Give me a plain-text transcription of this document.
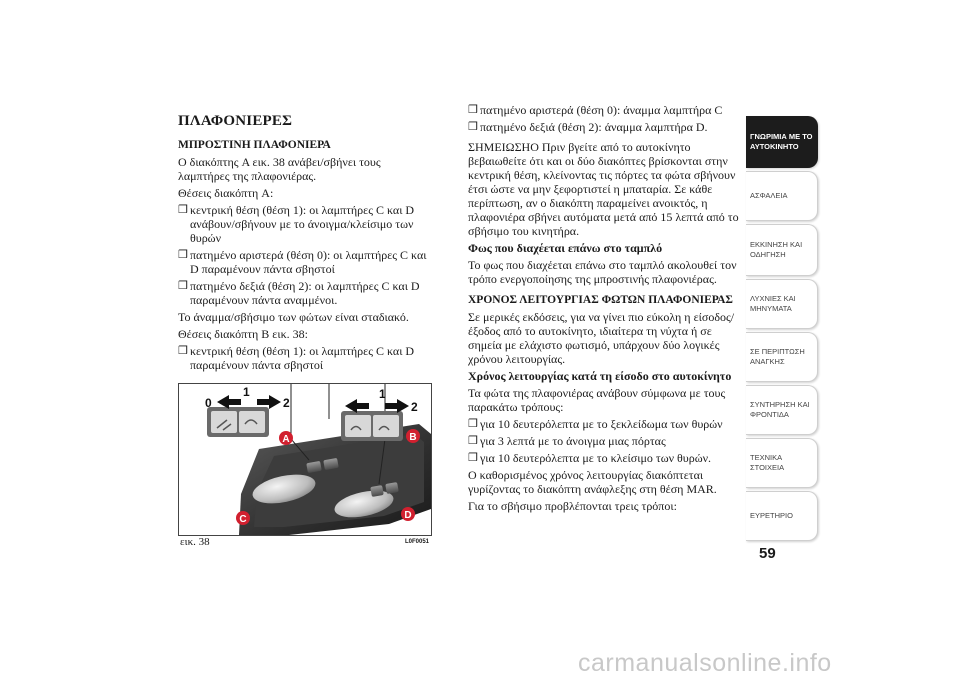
ΠΛΑΦΟΝΙΕΡΕΣ
ΜΠΡΟΣΤΙΝΗ ΠΛΑΦΟΝΙΕΡΑ

Ο διακόπτης A εικ. 38 ανάβει/σβήνει τους λαμπτήρες της πλαφονιέρας.

Θέσεις διακόπτη A:

❒ κεντρική θέση (θέση 1): οι λαμπτήρες C και D ανάβουν/σβήνουν με το άνοιγμα/κλείσιμο των θυρών
❒ πατημένο αριστερά (θέση 0): οι λαμπτήρες C και D παραμένουν πάντα σβηστοί
❒ πατημένο δεξιά (θέση 2): οι λαμπτήρες C και D παραμένουν πάντα αναμμένοι.

Το άναμμα/σβήσιμο των φώτων είναι σταδιακό.

Θέσεις διακόπτη B εικ. 38:

❒ κεντρική θέση (θέση 1): οι λαμπτήρες C και D παραμένουν πάντα σβηστοί
0
1
2	0
1
2
A	B
C	D
εικ. 38	L0F0051
❒ πατημένο αριστερά (θέση 0): άναμμα λαμπτήρα C
❒ πατημένο δεξιά (θέση 2): άναμμα λαμπτήρα D.

ΣΗΜΕΙΩΣΗΟ Πριν βγείτε από το αυτοκίνητο βεβαιωθείτε ότι και οι δύο διακόπτες βρίσκονται στην κεντρική θέση, κλείνοντας τις πόρτες τα φώτα σβήνουν έτσι ώστε να μην ξεφορτιστεί η μπαταρία. Σε κάθε περίπτωση, αν ο διακόπτη παραμείνει ανοικτός, η πλαφονιέρα σβήνει αυτόματα μετά από 15 λεπτά από το σβήσιμο του κινητήρα.

Φως που διαχέεται επάνω στο ταμπλό

Το φως που διαχέεται επάνω στο ταμπλό ακολουθεί τον τρόπο ενεργοποίησης της μπροστινής πλαφονιέρας.

ΧΡΟΝΟΣ ΛΕΙΤΟΥΡΓΙΑΣ ΦΩΤΩΝ ΠΛΑΦΟΝΙΕΡΑΣ

Σε μερικές εκδόσεις, για να γίνει πιο εύκολη η είσοδος/έξοδος από το αυτοκίνητο, ιδιαίτερα τη νύχτα ή σε σημεία με ελάχιστο φωτισμό, υπάρχουν δύο λογικές χρόνου λειτουργίας.

Χρόνος λειτουργίας κατά τη είσοδο στο αυτοκίνητο

Τα φώτα της πλαφονιέρας ανάβουν σύμφωνα με τους παρακάτω τρόπους:

❒ για 10 δευτερόλεπτα με το ξεκλείδωμα των θυρών
❒ για 3 λεπτά με το άνοιγμα μιας πόρτας
❒ για 10 δευτερόλεπτα με το κλείσιμο των θυρών.

Ο καθορισμένος χρόνος λειτουργίας διακόπτεται γυρίζοντας το διακόπτη ανάφλεξης στη θέση MAR.

Για το σβήσιμο προβλέπονται τρεις τρόποι:

ΓΝΩΡΙΜΙΑ ΜΕ ΤΟ ΑΥΤΟΚΙΝΗΤΟ
ΑΣΦΑΛΕΙΑ
ΕΚΚΙΝΗΣΗ ΚΑΙ ΟΔΗΓΗΣΗ
ΛΥΧΝΙΕΣ ΚΑΙ ΜΗΝΥΜΑΤΑ
ΣΕ ΠΕΡΙΠΤΩΣΗ ΑΝΑΓΚΗΣ
ΣΥΝΤΗΡΗΣΗ ΚΑΙ ΦΡΟΝΤΙΔΑ
ΤΕΧΝΙΚΑ ΣΤΟΙΧΕΙΑ
ΕΥΡΕΤΗΡΙΟ
59
carmanualsonline.info
